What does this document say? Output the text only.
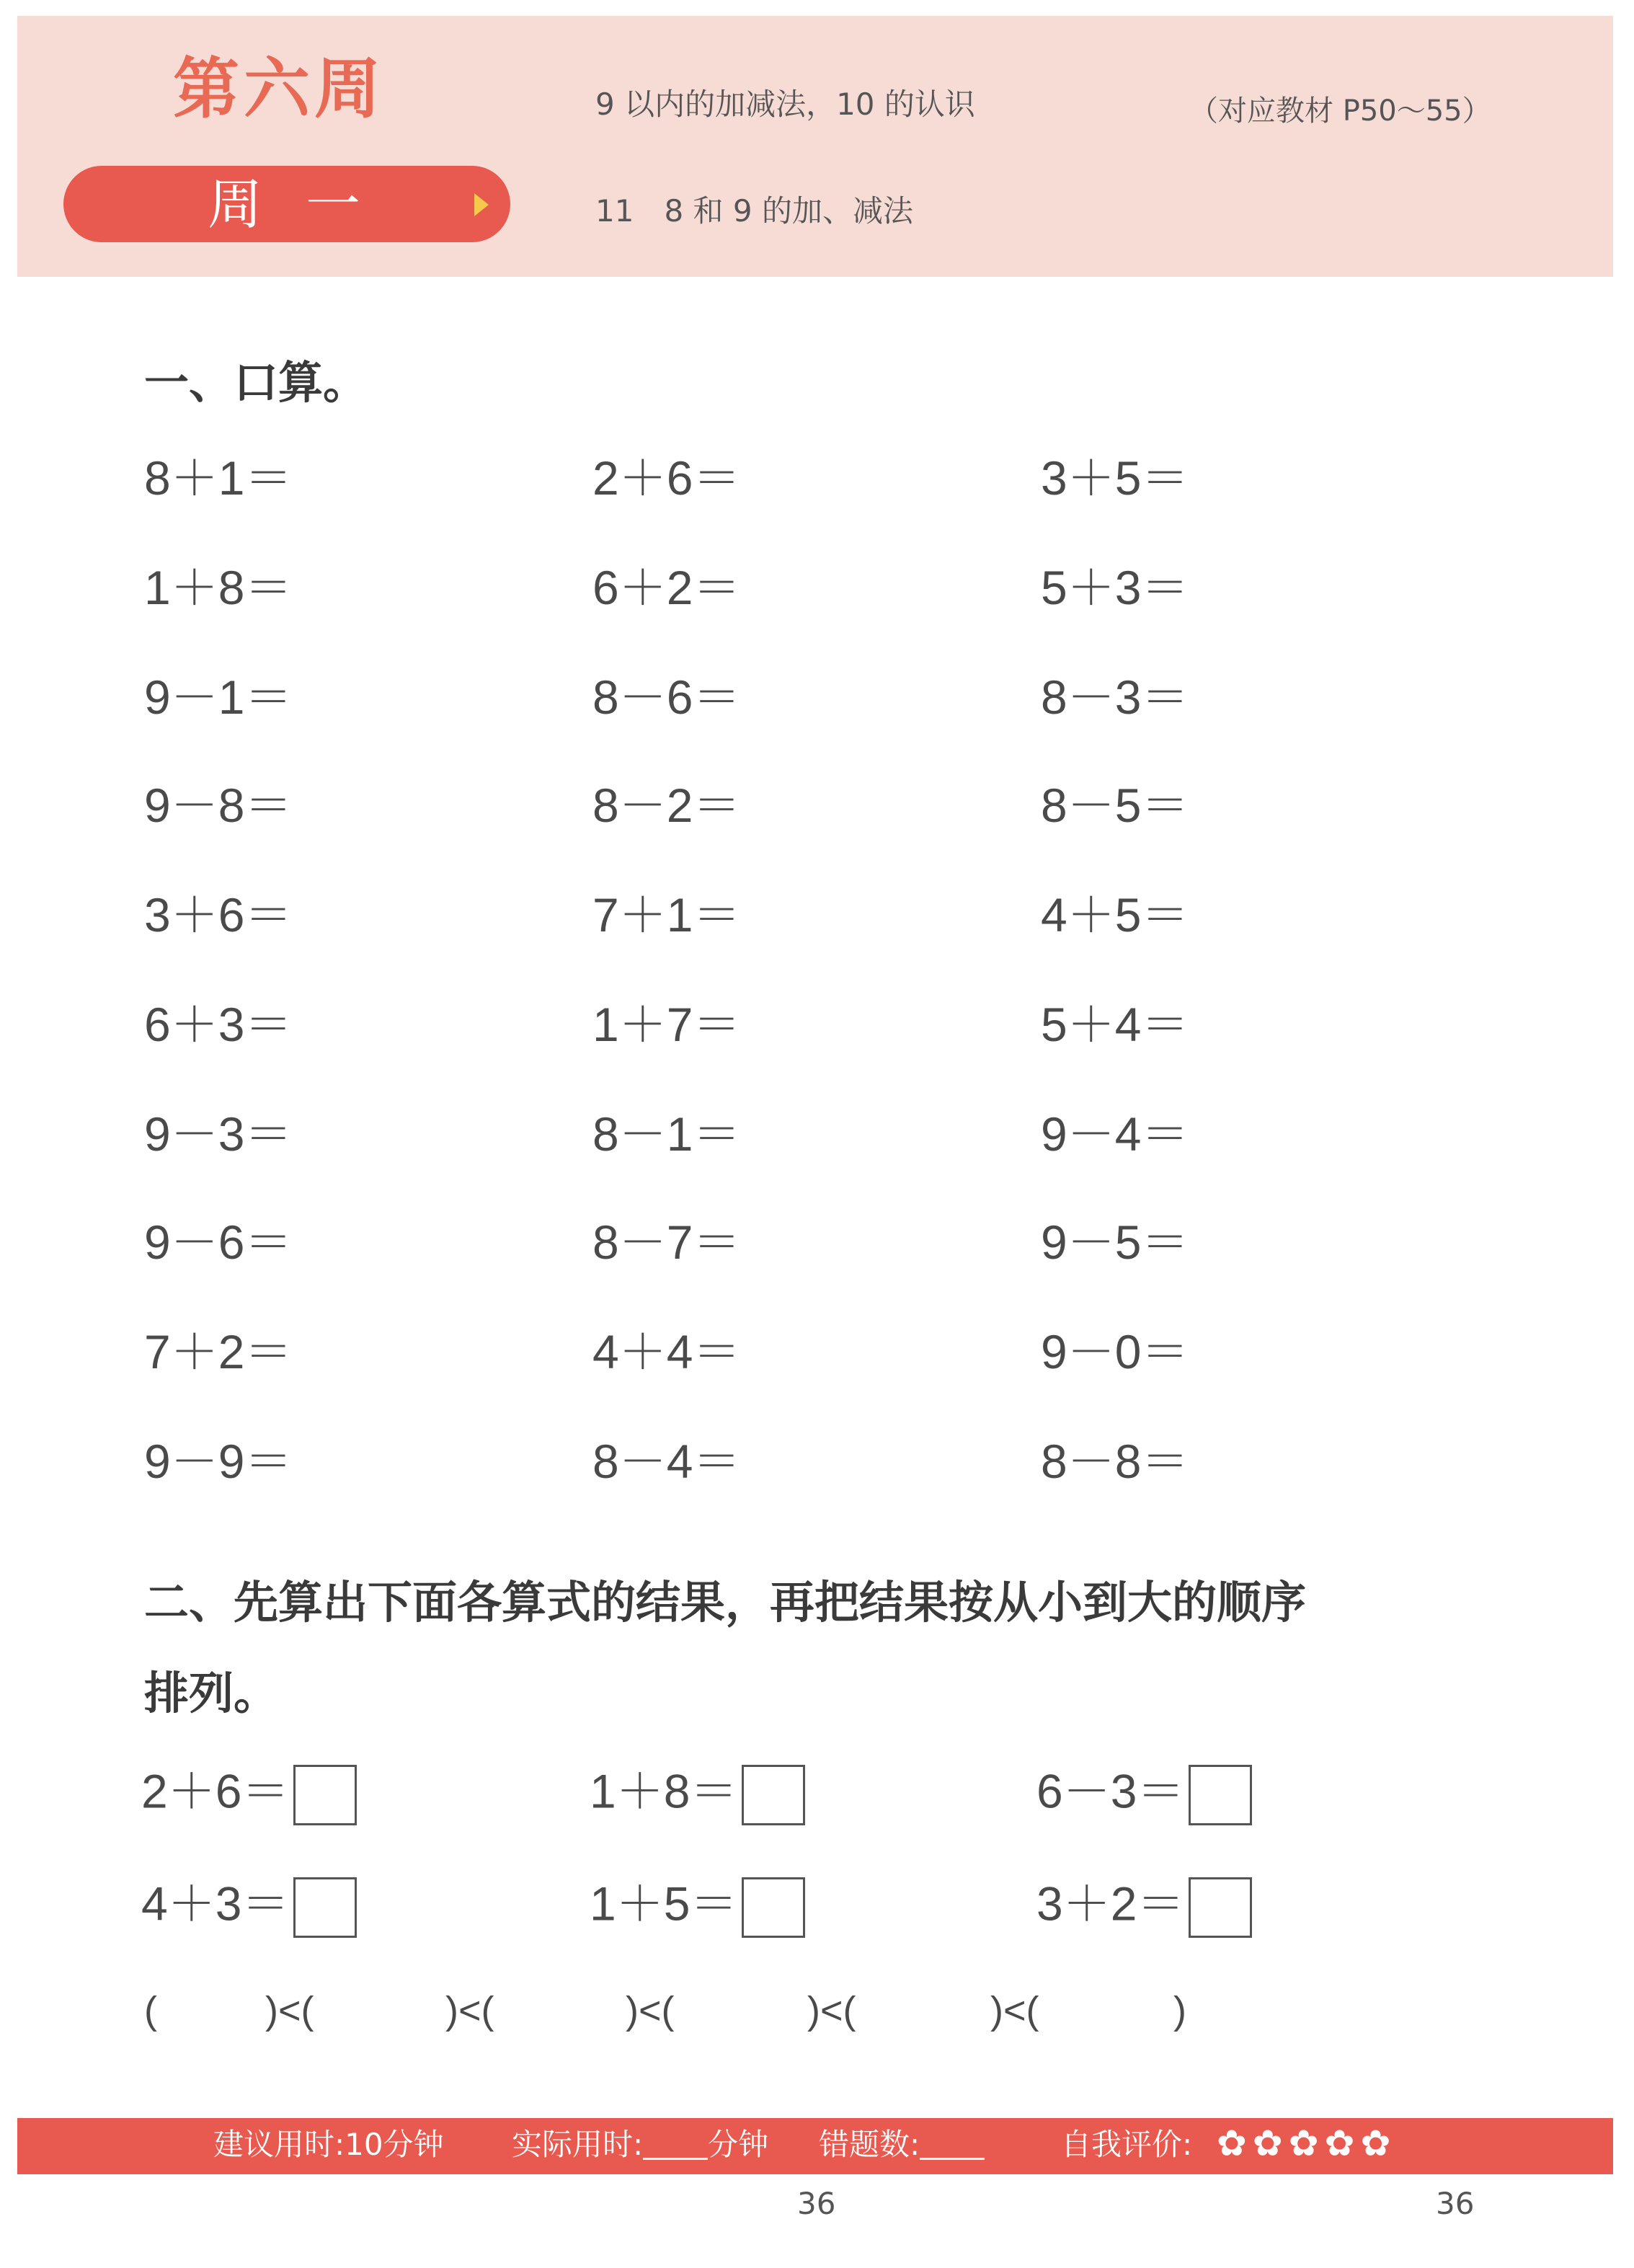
第六周
周一
9 以内的加减法，10 的认识	（对应教材 P50～55）
11　8 和 9 的加、减法
一、口算。
8＋1＝	2＋6＝	3＋5＝
1＋8＝	6＋2＝	5＋3＝
9－1＝	8－6＝	8－3＝
9－8＝	8－2＝	8－5＝
3＋6＝	7＋1＝	4＋5＝
6＋3＝	1＋7＝	5＋4＝
9－3＝	8－1＝	9－4＝
9－6＝	8－7＝	9－5＝
7＋2＝	4＋4＝	9－0＝
9－9＝	8－4＝	8－8＝
二、先算出下面各算式的结果，再把结果按从小到大的顺序
排列。
2＋6＝	1＋8＝	6－3＝
4＋3＝	1＋5＝	3＋2＝
(	)<(	)<(	)<(	)<(	)<(	)
建议用时:10分钟 实际用时: 分钟 错题数:	自我评价: ✿✿✿✿✿
36	36
